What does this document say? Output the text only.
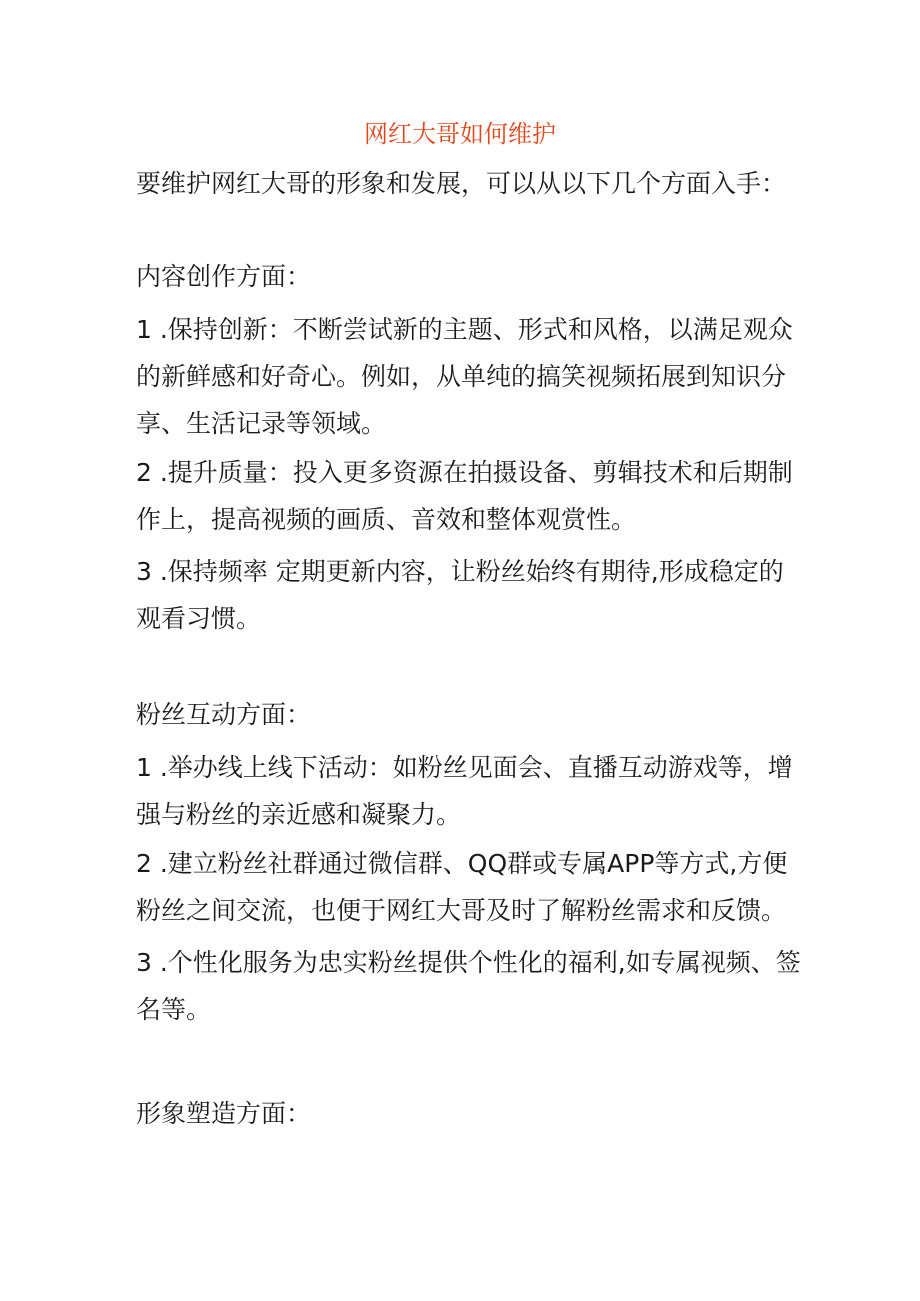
网红大哥如何维护

要维护网红大哥的形象和发展，可以从以下几个方面入手：

内容创作方面：

1 .保持创新：不断尝试新的主题、形式和风格，以满足观众

的新鲜感和好奇心。例如，从单纯的搞笑视频拓展到知识分

享、生活记录等领域。

2 .提升质量：投入更多资源在拍摄设备、剪辑技术和后期制

作上，提高视频的画质、音效和整体观赏性。

3 .保持频率 定期更新内容，让粉丝始终有期待,形成稳定的

观看习惯。

粉丝互动方面：

1 .举办线上线下活动：如粉丝见面会、直播互动游戏等，增

强与粉丝的亲近感和凝聚力。

2 .建立粉丝社群通过微信群、QQ群或专属APP等方式,方便

粉丝之间交流，也便于网红大哥及时了解粉丝需求和反馈。

3 .个性化服务为忠实粉丝提供个性化的福利,如专属视频、签

名等。

形象塑造方面：
